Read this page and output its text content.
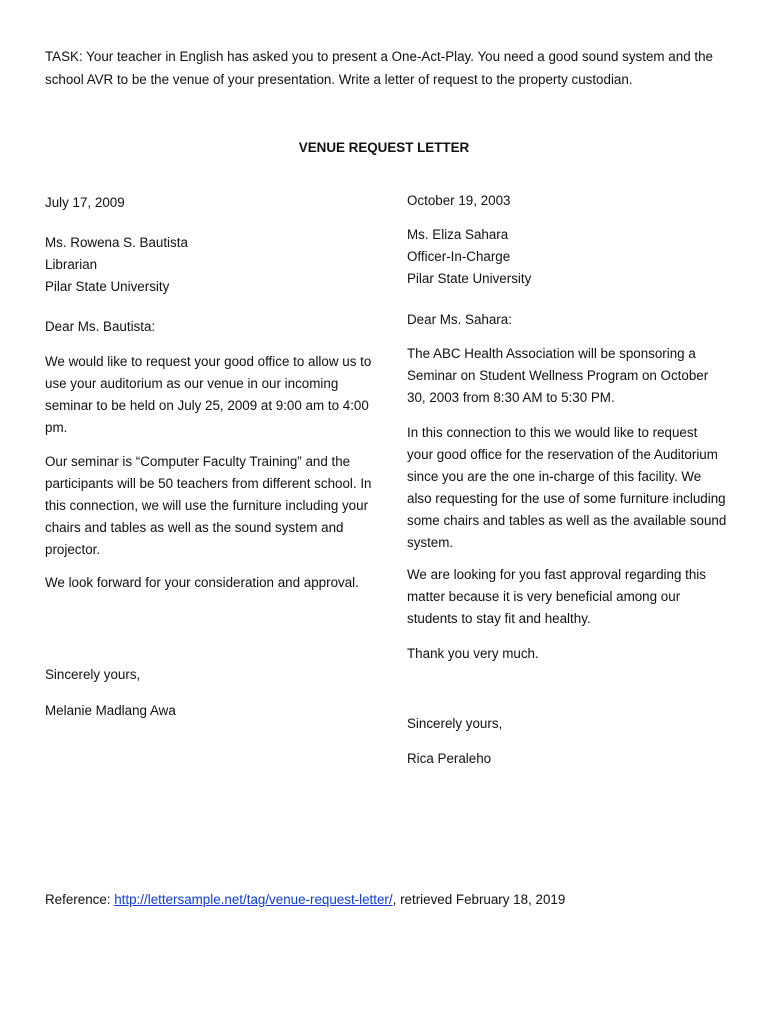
TASK: Your teacher in English has asked you to present a One-Act-Play. You need a good sound system and the school AVR to be the venue of your presentation. Write a letter of request to the property custodian.

VENUE REQUEST LETTER

July 17, 2009

Ms. Rowena S. Bautista

Librarian

Pilar State University

Dear Ms. Bautista:

We would like to request your good office to allow us to use your auditorium as our venue in our incoming seminar to be held on July 25, 2009 at 9:00 am to 4:00 pm.

Our seminar is “Computer Faculty Training” and the participants will be 50 teachers from different school. In this connection, we will use the furniture including your chairs and tables as well as the sound system and projector.

We look forward for your consideration and approval.

Sincerely yours,

Melanie Madlang Awa

October 19, 2003

Ms. Eliza Sahara

Officer-In-Charge

Pilar State University

Dear Ms. Sahara:

The ABC Health Association will be sponsoring a Seminar on Student Wellness Program on October 30, 2003 from 8:30 AM to 5:30 PM.

In this connection to this we would like to request your good office for the reservation of the Auditorium since you are the one in-charge of this facility. We also requesting for the use of some furniture including some chairs and tables as well as the available sound system.

We are looking for you fast approval regarding this matter because it is very beneficial among our students to stay fit and healthy.

Thank you very much.

Sincerely yours,

Rica Peraleho

Reference: http://lettersample.net/tag/venue-request-letter/, retrieved February 18, 2019
